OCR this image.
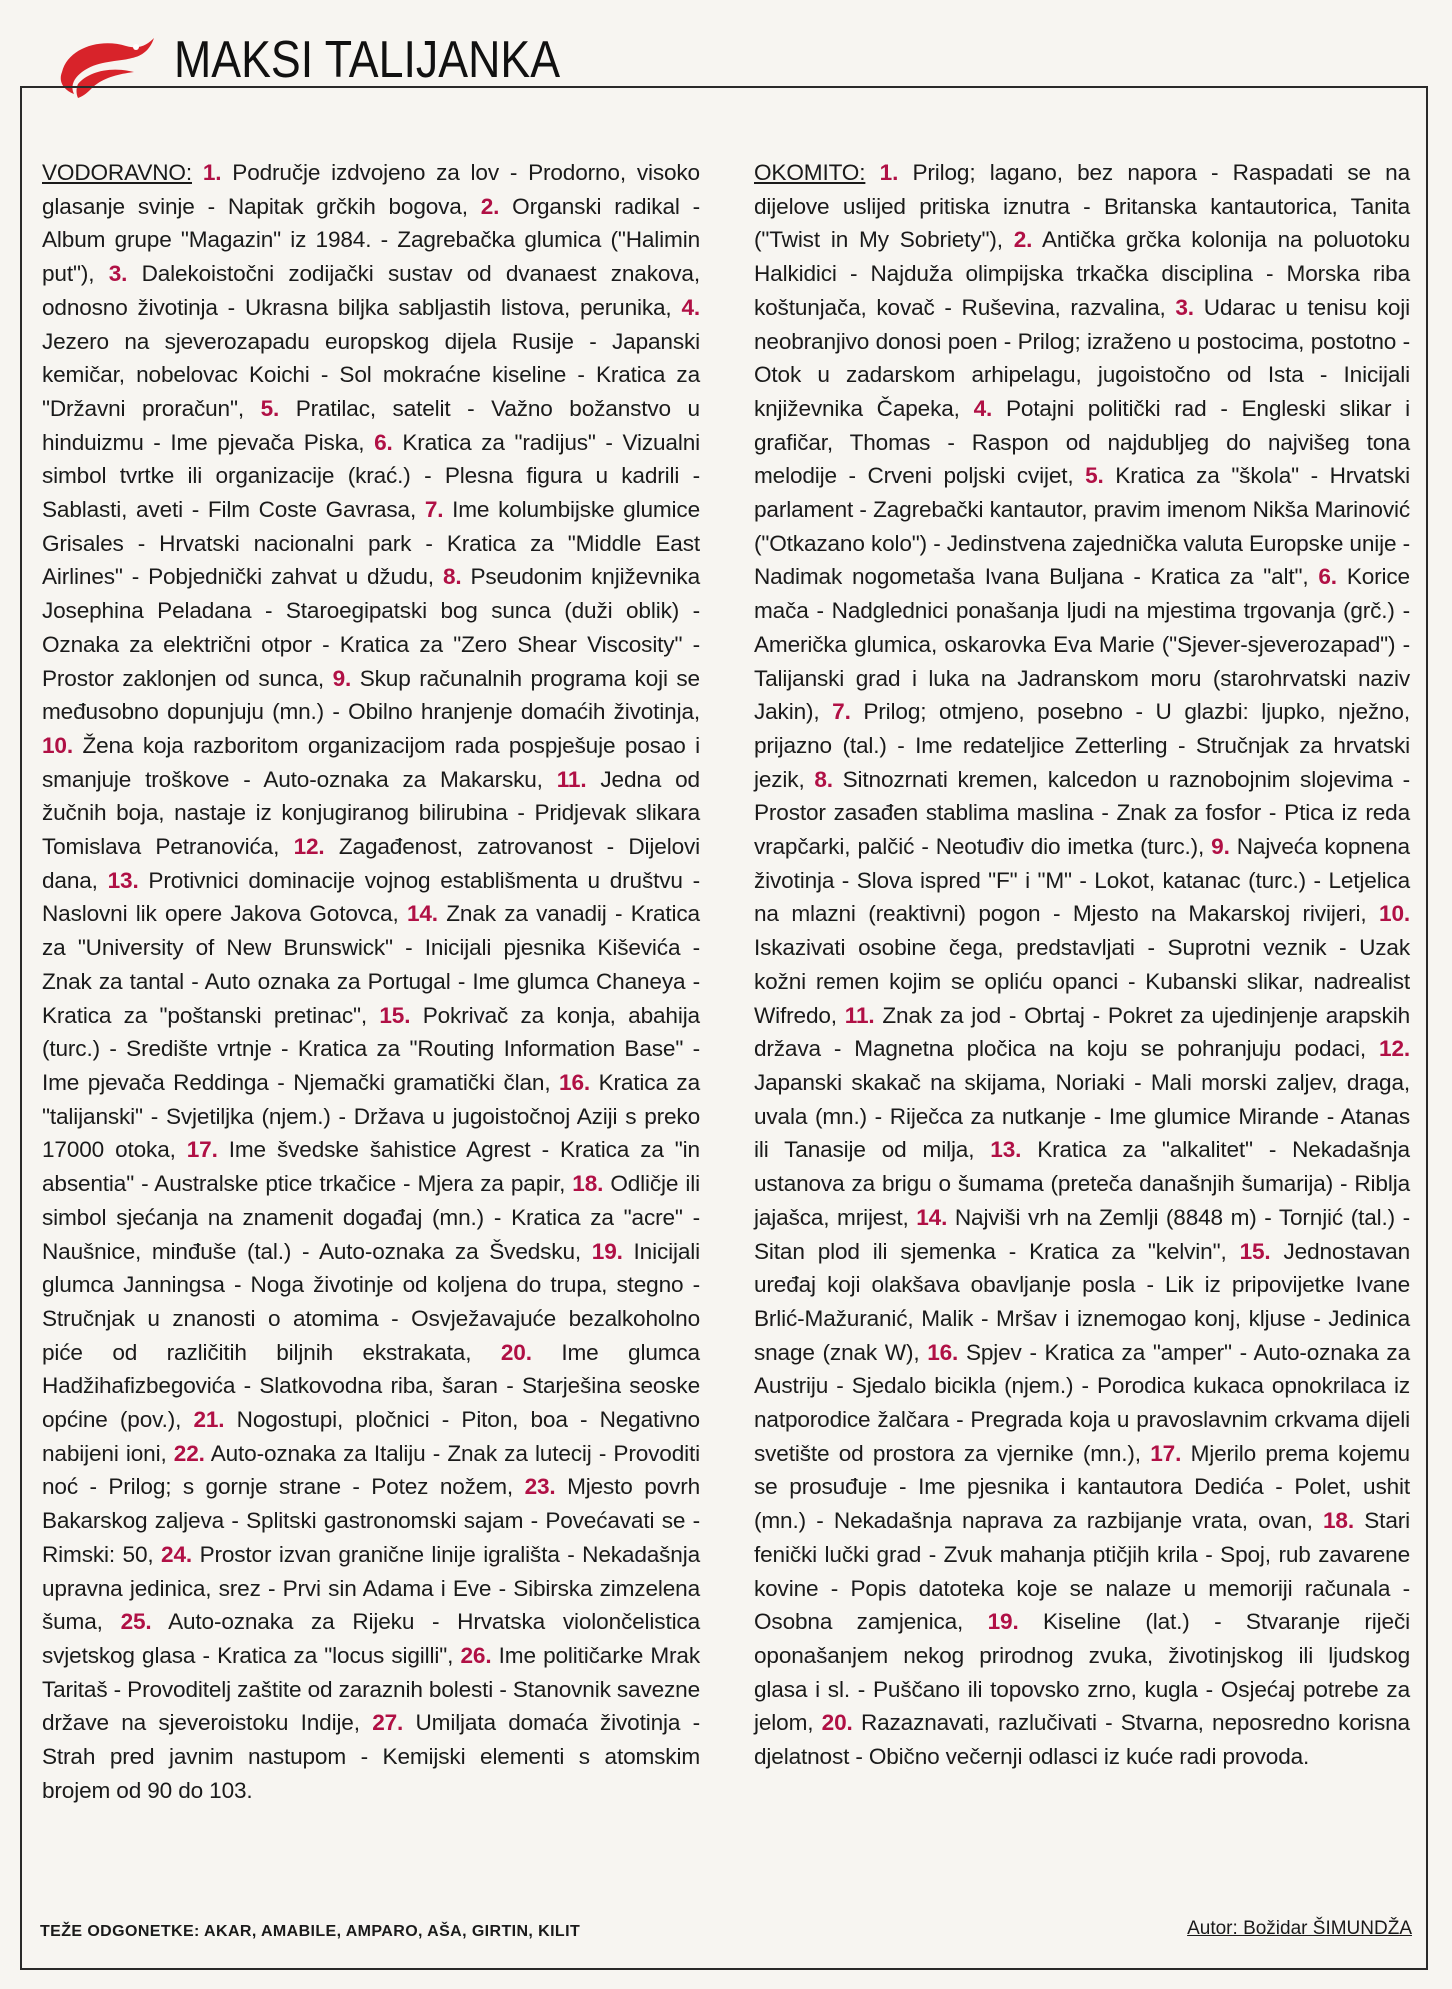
MAKSI TALIJANKA
VODORAVNO: 1. Područje izdvojeno za lov - Prodorno, visoko glasanje svinje - Napitak grčkih bogova, 2. Organski radikal - Album grupe "Magazin" iz 1984. - Zagrebačka glumica ("Halimin put"), 3. Dalekoistočni zodijački sustav od dvanaest znakova, odnosno životinja - Ukrasna biljka sabljastih listova, perunika, 4. Jezero na sjeverozapadu europskog dijela Rusije - Japanski kemičar, nobelovac Koichi - Sol mokraćne kiseline - Kratica za "Državni proračun", 5. Pratilac, satelit - Važno božanstvo u hinduizmu - Ime pjevača Piska, 6. Kratica za "radijus" - Vizualni simbol tvrtke ili organizacije (krać.) - Plesna figura u kadrili - Sablasti, aveti - Film Coste Gavrasa, 7. Ime kolumbijske glumice Grisales - Hrvatski nacionalni park - Kratica za "Middle East Airlines" - Pobjednički zahvat u džudu, 8. Pseudonim književnika Josephina Peladana - Staroegipatski bog sunca (duži oblik) - Oznaka za električni otpor - Kratica za "Zero Shear Viscosity" - Prostor zaklonjen od sunca, 9. Skup računalnih programa koji se međusobno dopunjuju (mn.) - Obilno hranjenje domaćih životinja, 10. Žena koja razboritom organizacijom rada pospješuje posao i smanjuje troškove - Auto-oznaka za Makarsku, 11. Jedna od žučnih boja, nastaje iz konjugiranog bilirubina - Pridjevak slikara Tomislava Petranovića, 12. Zagađenost, zatrovanost - Dijelovi dana, 13. Protivnici dominacije vojnog establišmenta u društvu - Naslovni lik opere Jakova Gotovca, 14. Znak za vanadij - Kratica za "University of New Brunswick" - Inicijali pjesnika Kiševića - Znak za tantal - Auto oznaka za Portugal - Ime glumca Chaneya - Kratica za "poštanski pretinac", 15. Pokrivač za konja, abahija (turc.) - Središte vrtnje - Kratica za "Routing Information Base" - Ime pjevača Reddinga - Njemački gramatički član, 16. Kratica za "talijanski" - Svjetiljka (njem.) - Država u jugoistočnoj Aziji s preko 17000 otoka, 17. Ime švedske šahistice Agrest - Kratica za "in absentia" - Australske ptice trkačice - Mjera za papir, 18. Odličje ili simbol sjećanja na znamenit događaj (mn.) - Kratica za "acre" - Naušnice, minđuše (tal.) - Auto-oznaka za Švedsku, 19. Inicijali glumca Janningsa - Noga životinje od koljena do trupa, stegno - Stručnjak u znanosti o atomima - Osvježavajuće bezalkoholno piće od različitih biljnih ekstrakata, 20. Ime glumca Hadžihafizbegovića - Slatkovodna riba, šaran - Starješina seoske općine (pov.), 21. Nogostupi, pločnici - Piton, boa - Negativno nabijeni ioni, 22. Auto-oznaka za Italiju - Znak za lutecij - Provoditi noć - Prilog; s gornje strane - Potez nožem, 23. Mjesto povrh Bakarskog zaljeva - Splitski gastronomski sajam - Povećavati se - Rimski: 50, 24. Prostor izvan granične linije igrališta - Nekadašnja upravna jedinica, srez - Prvi sin Adama i Eve - Sibirska zimzelena šuma, 25. Auto-oznaka za Rijeku - Hrvatska violončelistica svjetskog glasa - Kratica za "locus sigilli", 26. Ime političarke Mrak Taritaš - Provoditelj zaštite od zaraznih bolesti - Stanovnik savezne države na sjeveroistoku Indije, 27. Umiljata domaća životinja - Strah pred javnim nastupom - Kemijski elementi s atomskim brojem od 90 do 103.
OKOMITO: 1. Prilog; lagano, bez napora - Raspadati se na dijelove uslijed pritiska iznutra - Britanska kantautorica, Tanita ("Twist in My Sobriety"), 2. Antička grčka kolonija na poluotoku Halkidici - Najduža olimpijska trkačka disciplina - Morska riba koštunjača, kovač - Ruševina, razvalina, 3. Udarac u tenisu koji neobranjivo donosi poen - Prilog; izraženo u postocima, postotno - Otok u zadarskom arhipelagu, jugoistočno od Ista - Inicijali književnika Čapeka, 4. Potajni politički rad - Engleski slikar i grafičar, Thomas - Raspon od najdubljeg do najvišeg tona melodije - Crveni poljski cvijet, 5. Kratica za "škola" - Hrvatski parlament - Zagrebački kantautor, pravim imenom Nikša Marinović ("Otkazano kolo") - Jedinstvena zajednička valuta Europske unije - Nadimak nogometaša Ivana Buljana - Kratica za "alt", 6. Korice mača - Nadglednici ponašanja ljudi na mjestima trgovanja (grč.) - Američka glumica, oskarovka Eva Marie ("Sjever-sjeverozapad") - Talijanski grad i luka na Jadranskom moru (starohrvatski naziv Jakin), 7. Prilog; otmjeno, posebno - U glazbi: ljupko, nježno, prijazno (tal.) - Ime redateljice Zetterling - Stručnjak za hrvatski jezik, 8. Sitnozrnati kremen, kalcedon u raznobojnim slojevima - Prostor zasađen stablima maslina - Znak za fosfor - Ptica iz reda vrapčarki, palčić - Neotuđiv dio imetka (turc.), 9. Najveća kopnena životinja - Slova ispred "F" i "M" - Lokot, katanac (turc.) - Letjelica na mlazni (reaktivni) pogon - Mjesto na Makarskoj rivijeri, 10. Iskazivati osobine čega, predstavljati - Suprotni veznik - Uzak kožni remen kojim se opliću opanci - Kubanski slikar, nadrealist Wifredo, 11. Znak za jod - Obrtaj - Pokret za ujedinjenje arapskih država - Magnetna pločica na koju se pohranjuju podaci, 12. Japanski skakač na skijama, Noriaki - Mali morski zaljev, draga, uvala (mn.) - Riječca za nutkanje - Ime glumice Mirande - Atanas ili Tanasije od milja, 13. Kratica za "alkalitet" - Nekadašnja ustanova za brigu o šumama (preteča današnjih šumarija) - Riblja jajašca, mrijest, 14. Najviši vrh na Zemlji (8848 m) - Tornjić (tal.) - Sitan plod ili sjemenka - Kratica za "kelvin", 15. Jednostavan uređaj koji olakšava obavljanje posla - Lik iz pripovijetke Ivane Brlić-Mažuranić, Malik - Mršav i iznemogao konj, kljuse - Jedinica snage (znak W), 16. Spjev - Kratica za "amper" - Auto-oznaka za Austriju - Sjedalo bicikla (njem.) - Porodica kukaca opnokrilaca iz natporodice žalčara - Pregrada koja u pravoslavnim crkvama dijeli svetište od prostora za vjernike (mn.), 17. Mjerilo prema kojemu se prosuđuje - Ime pjesnika i kantautora Dedića - Polet, ushit (mn.) - Nekadašnja naprava za razbijanje vrata, ovan, 18. Stari fenički lučki grad - Zvuk mahanja ptičjih krila - Spoj, rub zavarene kovine - Popis datoteka koje se nalaze u memoriji računala - Osobna zamjenica, 19. Kiseline (lat.) - Stvaranje riječi oponašanjem nekog prirodnog zvuka, životinjskog ili ljudskog glasa i sl. - Puščano ili topovsko zrno, kugla - Osjećaj potrebe za jelom, 20. Razaznavati, razlučivati - Stvarna, neposredno korisna djelatnost - Obično večernji odlasci iz kuće radi provoda.
TEŽE ODGONETKE: AKAR, AMABILE, AMPARO, AŠA, GIRTIN, KILIT	Autor: Božidar ŠIMUNDŽA
